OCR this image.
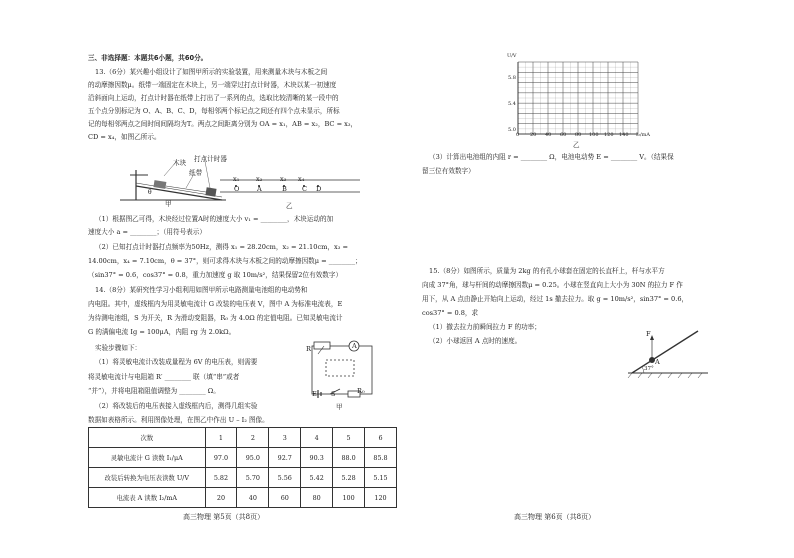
三、非选择题：本题共6小题，共60分。
13.（6分）某兴趣小组设计了如图甲所示的实验装置，用来测量木块与木板之间
的动摩擦因数μ。纸带一端固定在木块上，另一端穿过打点计时器，木块以某一初速度
沿斜面向上运动，打点计时器在纸带上打出了一系列的点，选取比较清晰的某一段中的
五个点分别标记为 O、A、B、C、D，每相邻两个标记点之间还有四个点未显示，所标
记的每相邻两点之间时间间隔均为T。两点之间距离分别为 OA = x₁，AB = x₂，BC = x₃，
CD = x₄，如图乙所示。
θ
木块 打点计时器
纸带
甲
x₁	x₂	x₃ x₄
O	A	B C D
乙
（1）根据图乙可得，木块经过位置A时的速度大小 v₁ = ________，木块运动的加
速度大小 a = ________；（用符号表示）
（2）已知打点计时器打点频率为50Hz，测得 x₁ = 28.20cm，x₂ = 21.10cm，x₃ =
14.00cm，x₄ = 7.10cm，θ = 37°，则可求得木块与木板之间的动摩擦因数μ = ________；
（sin37° = 0.6，cos37° = 0.8，重力加速度 g 取 10m/s²，结果保留2位有效数字）
14.（8分）某研究性学习小组利用如图甲所示电路测量电池组的电动势和
内电阻。其中，虚线框内为用灵敏电流计 G 改装的电压表 V，图中 A 为标准电流表，E
为待测电池组，S 为开关，R 为滑动变阻器，R₀ 为 4.0Ω 的定值电阻。已知灵敏电流计
G 的满偏电流 Ig = 100μA，内阻 rg 为 2.0kΩ。
实验步骤如下：
（1）将灵敏电流计改装成量程为 6V 的电压表，则需要
将灵敏电流计与电阻箱 R′ ________ 联（填“串”或者
“并”），并将电阻箱阻值调整为 ________ Ω。
（2）将改装后的电压表接入虚线框内后，测得几组实验
数据如表格所示。利用图像处理，在图乙中作出 U – I₂ 图像。
R	A
E S	R₀
甲
次数	1	2	3	4	5	6
灵敏电流计 G 读数 I₁/μA	97.0	95.0	92.7	90.3	88.0	85.8
改装后转换为电压表读数 U/V	5.82	5.70	5.56	5.42	5.28	5.15
电流表 A 读数 I₂/mA	20	40	60	80	100	120
高三物理 第5页（共8页）
U/V
I₂/mA
5.8
5.4
5.0
0 20 40 60 80 100 120 140
乙
（3）计算出电池组的内阻 r = ________ Ω，电池电动势 E = ________ V。（结果保
留三位有效数字）
15.（8分）如图所示，质量为 2kg 的有孔小球套在固定的长直杆上，杆与水平方
向成 37°角，球与杆间的动摩擦因数μ = 0.25。小球在竖直向上大小为 30N 的拉力 F 作
用下，从 A 点由静止开始向上运动，经过 1s 撤去拉力。取 g = 10m/s²，sin37° = 0.6，
cos37° = 0.8，求
（1）撤去拉力前瞬间拉力 F 的功率；
（2）小球返回 A 点时的速度。
F
A
37°
高三物理 第6页（共8页）
